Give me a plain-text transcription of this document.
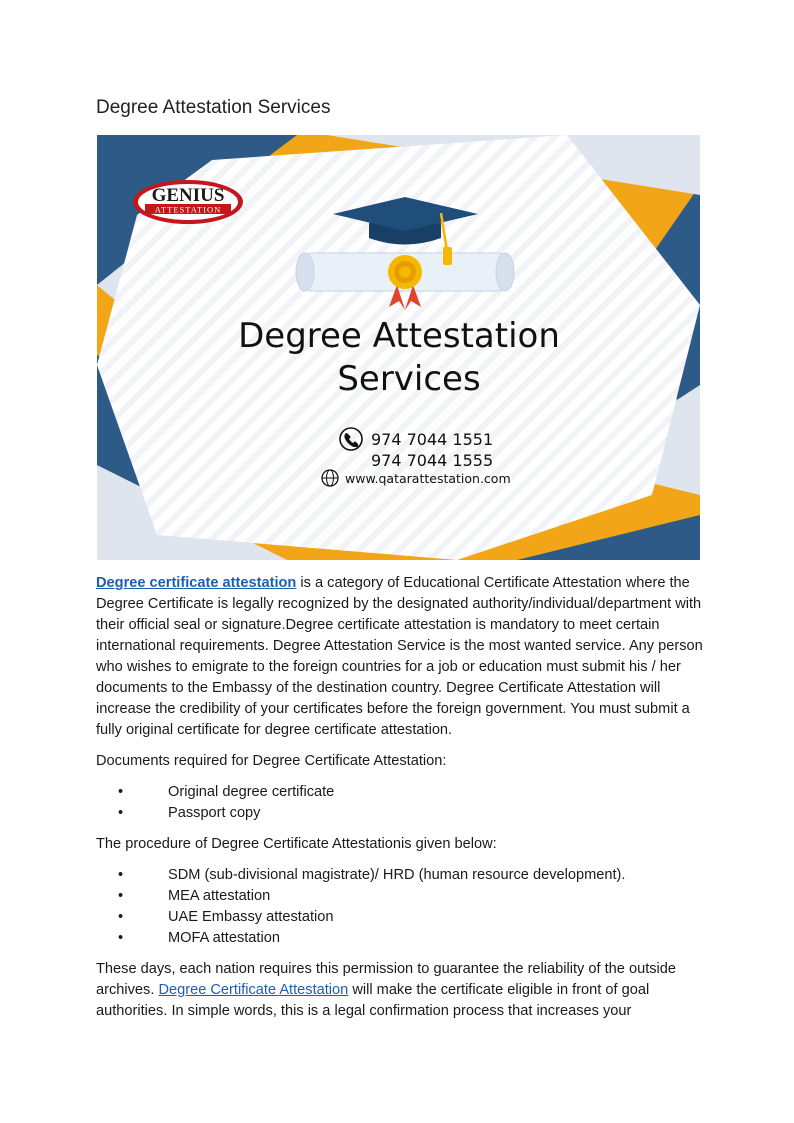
Degree Attestation Services
GENIUS
ATTESTATION
Degree Attestation
Services
974 7044 1551
974 7044 1555
www.qatarattestation.com

Degree certificate attestation is a category of Educational Certificate Attestation where the Degree Certificate is legally recognized by the designated authority/individual/department with their official seal or signature.Degree certificate attestation is mandatory to meet certain international requirements. Degree Attestation Service is the most wanted service. Any person who wishes to emigrate to the foreign countries for a job or education must submit his / her documents to the Embassy of the destination country. Degree Certificate Attestation will increase the credibility of your certificates before the foreign government. You must submit a fully original certificate for degree certificate attestation.

Documents required for Degree Certificate Attestation:

• Original degree certificate
• Passport copy

The procedure of Degree Certificate Attestationis given below:

• SDM (sub-divisional magistrate)/ HRD (human resource development).
• MEA attestation
• UAE Embassy attestation
• MOFA attestation

These days, each nation requires this permission to guarantee the reliability of the outside archives. Degree Certificate Attestation will make the certificate eligible in front of goal authorities. In simple words, this is a legal confirmation process that increases your
